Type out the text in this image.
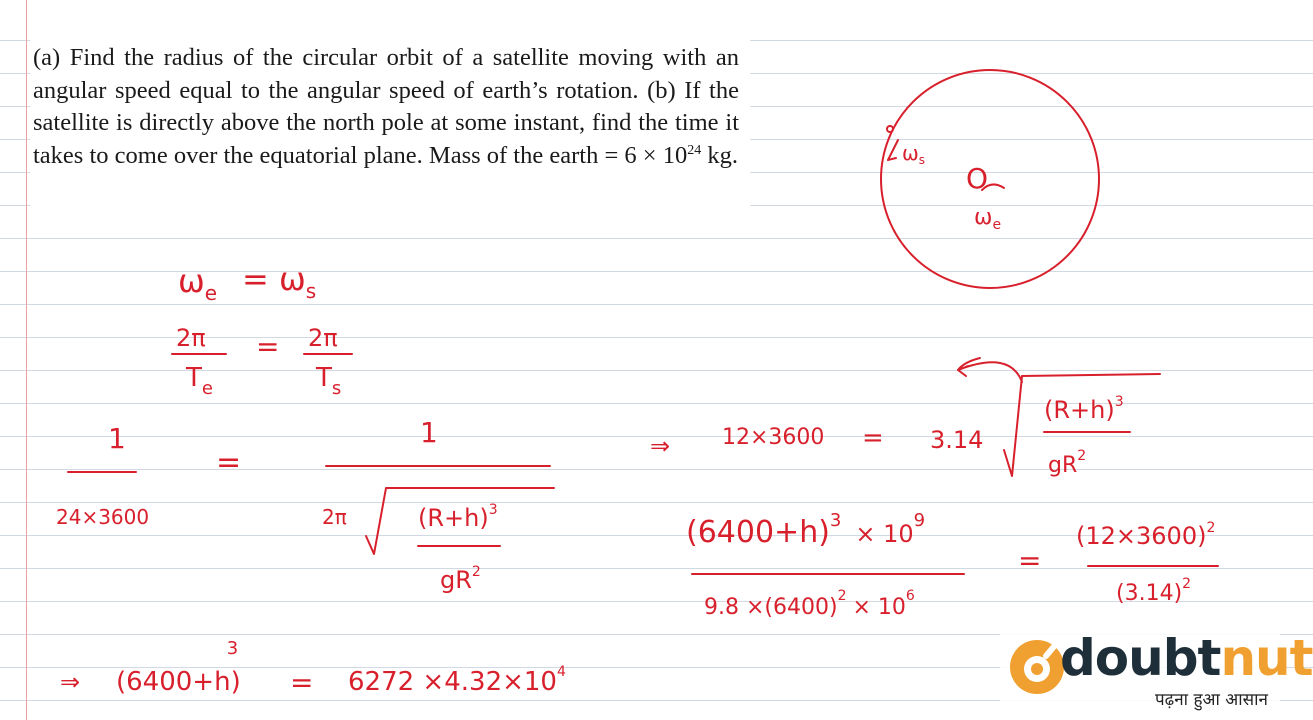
(a) Find the radius of the circular orbit of a satellite moving with an angular speed equal to the angular speed of earth’s rotation. (b) If the satellite is directly above the north pole at some instant, find the time it takes to come over the equatorial plane. Mass of the earth = $6 \times 10^{24}$ kg.	$\omega_s$
O
$\omega_e$
$\omega_e = \omega_s$
2π
$T_e$
= 2π
$T_s$
1
24×3600
=
1
2π	$(R+h)^3$
$gR^2$
⇒ 12×3600 = 3.14
$(R+h)^3$
$gR^2$
$(6400+h)^3$ $_{\times 10}^9$
$9.8 \times(6400)^2 \times 10^6$
=
$(12\times 3600)^2$
$(3.14)^2$
⇒ (6400+h)3
= $6272 \times 4.32\times 10^4$	doubtnut
पढ़ना हुआ आसान
